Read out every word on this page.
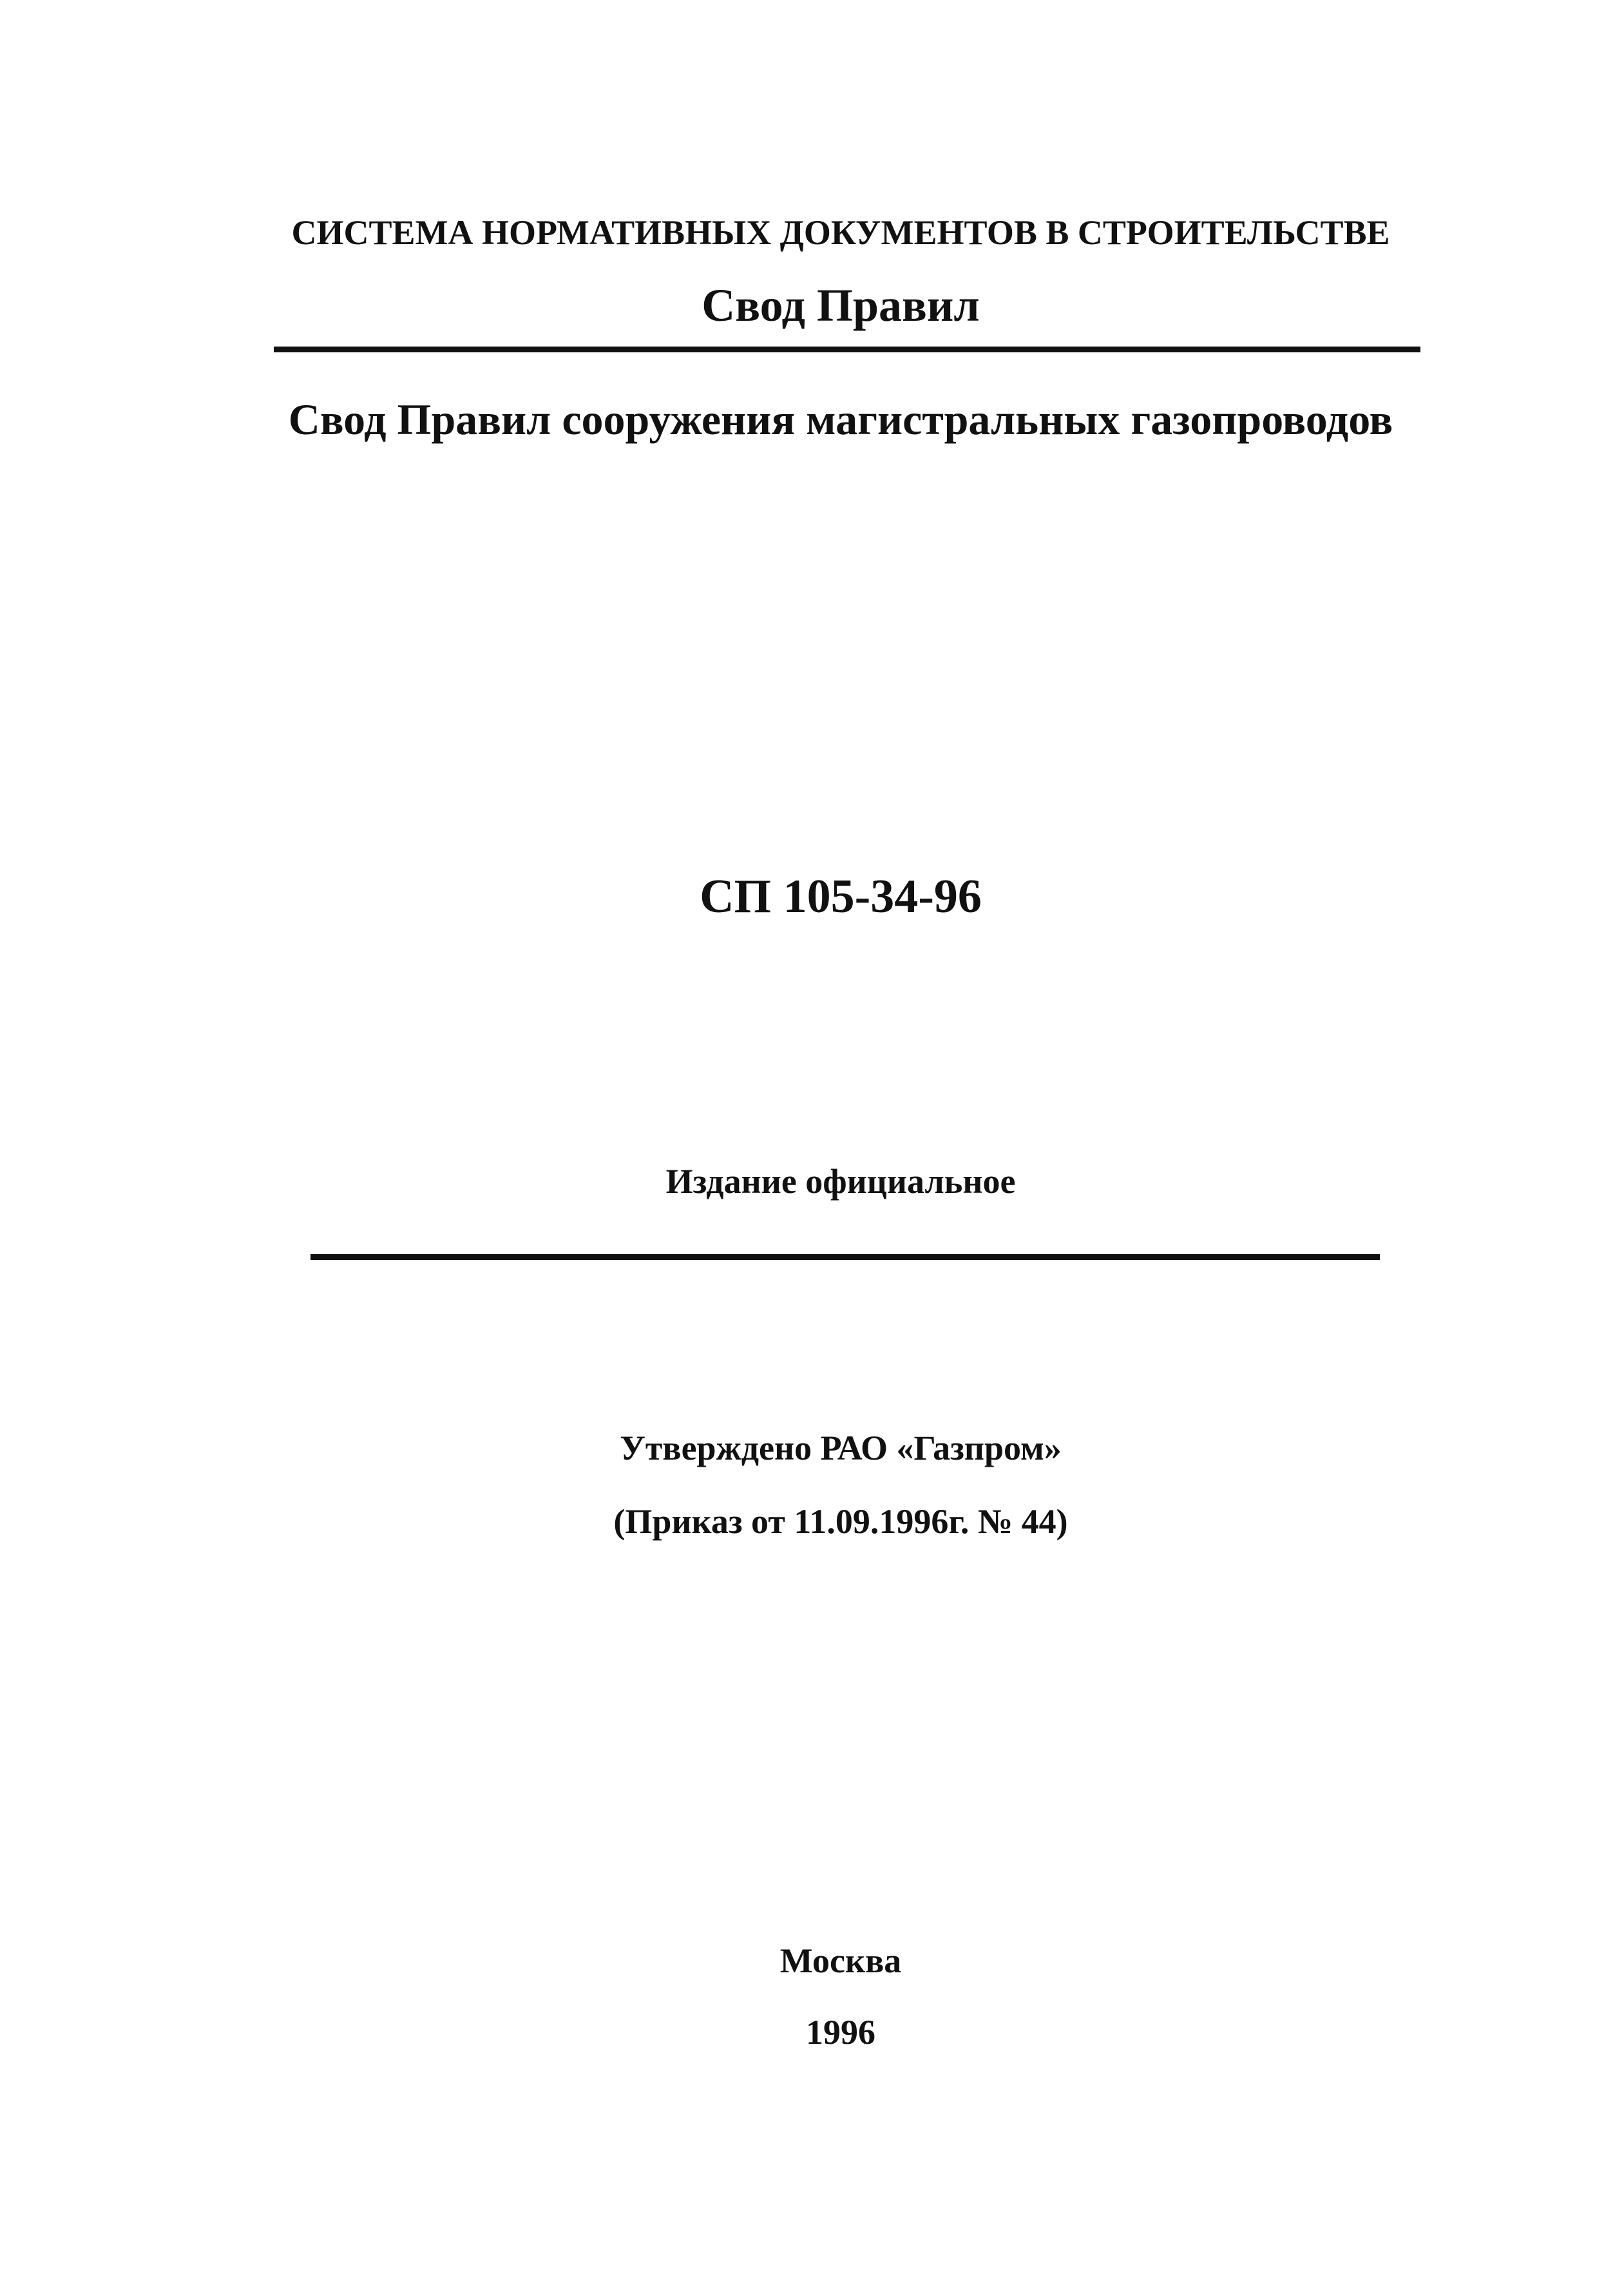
СИСТЕМА НОРМАТИВНЫХ ДОКУМЕНТОВ В СТРОИТЕЛЬСТВЕ
Свод Правил
Свод Правил сооружения магистральных газопроводов
СП 105-34-96
Издание официальное
Утверждено РАО «Газпром»
(Приказ от 11.09.1996г. № 44)
Москва
1996
